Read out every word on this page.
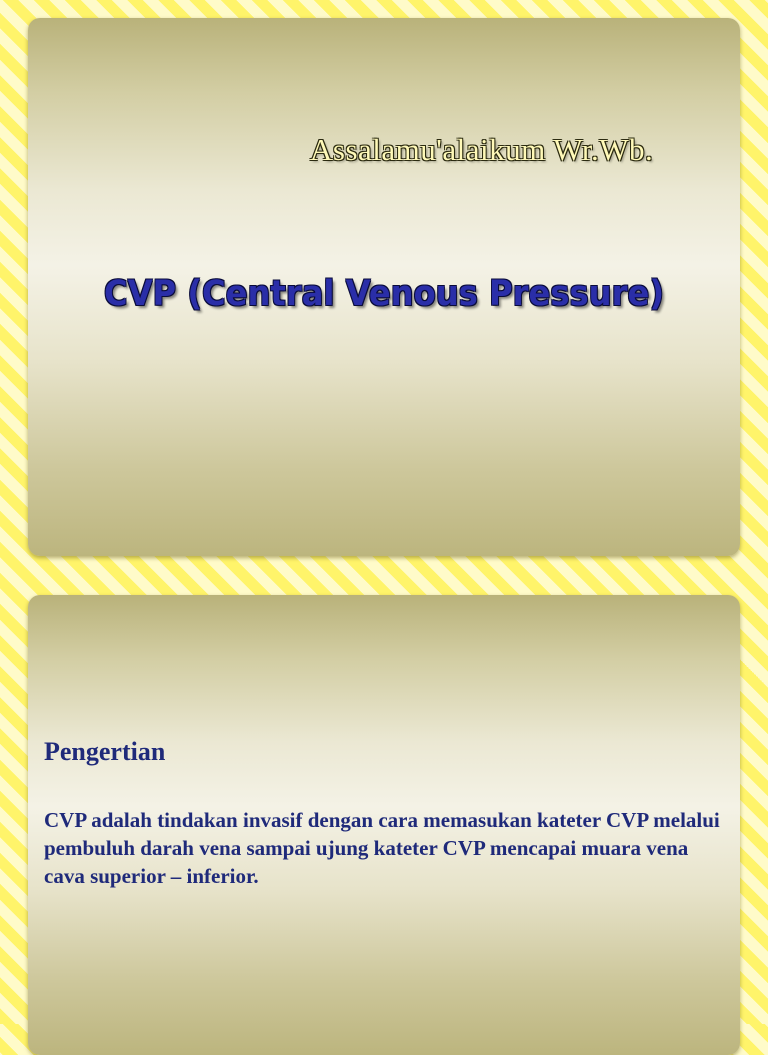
Assalamu'alaikum Wr.Wb.
CVP (Central Venous Pressure)
Pengertian

CVP adalah tindakan invasif dengan cara memasukan kateter CVP melalui pembuluh darah vena sampai ujung kateter CVP mencapai muara vena cava superior – inferior.
